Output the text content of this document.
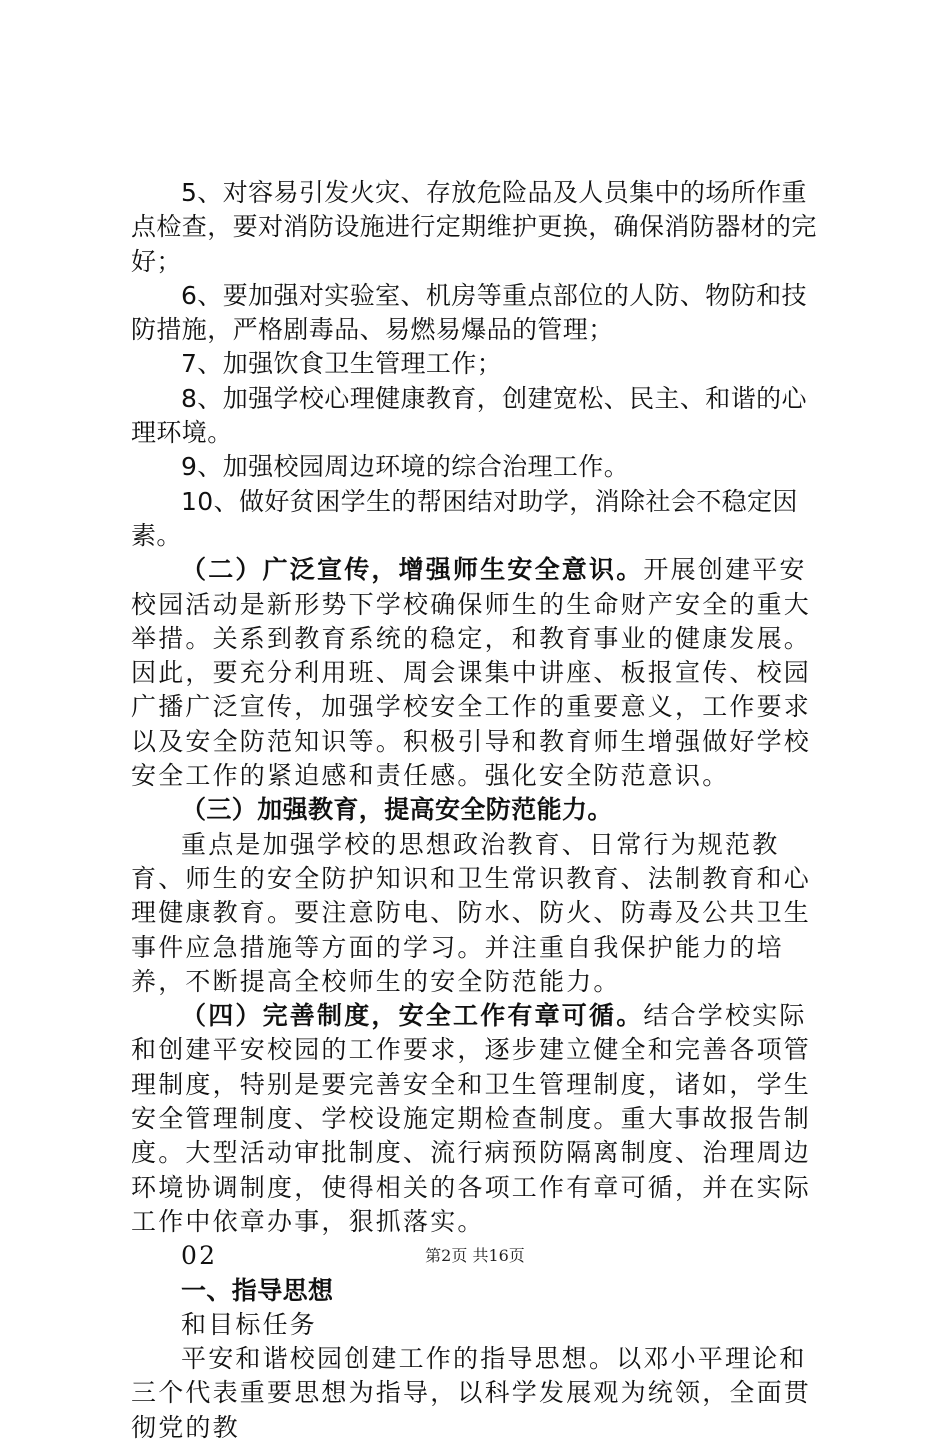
5、对容易引发火灾、存放危险品及人员集中的场所作重点检查，要对消防设施进行定期维护更换，确保消防器材的完好；

6、要加强对实验室、机房等重点部位的人防、物防和技防措施，严格剧毒品、易燃易爆品的管理；

7、加强饮食卫生管理工作；

8、加强学校心理健康教育，创建宽松、民主、和谐的心理环境。

9、加强校园周边环境的综合治理工作。

10、做好贫困学生的帮困结对助学，消除社会不稳定因素。

（二）广泛宣传，增强师生安全意识。开展创建平安校园活动是新形势下学校确保师生的生命财产安全的重大举措。关系到教育系统的稳定，和教育事业的健康发展。因此，要充分利用班、周会课集中讲座、板报宣传、校园广播广泛宣传，加强学校安全工作的重要意义，工作要求以及安全防范知识等。积极引导和教育师生增强做好学校安全工作的紧迫感和责任感。强化安全防范意识。

（三）加强教育，提高安全防范能力。

重点是加强学校的思想政治教育、日常行为规范教育、师生的安全防护知识和卫生常识教育、法制教育和心理健康教育。要注意防电、防水、防火、防毒及公共卫生事件应急措施等方面的学习。并注重自我保护能力的培养，不断提高全校师生的安全防范能力。

（四）完善制度，安全工作有章可循。结合学校实际和创建平安校园的工作要求，逐步建立健全和完善各项管理制度，特别是要完善安全和卫生管理制度，诸如，学生安全管理制度、学校设施定期检查制度。重大事故报告制度。大型活动审批制度、流行病预防隔离制度、治理周边环境协调制度，使得相关的各项工作有章可循，并在实际工作中依章办事，狠抓落实。

02

一、指导思想

和目标任务

平安和谐校园创建工作的指导思想。以邓小平理论和三个代表重要思想为指导，以科学发展观为统领，全面贯彻党的教

第2页 共16页
